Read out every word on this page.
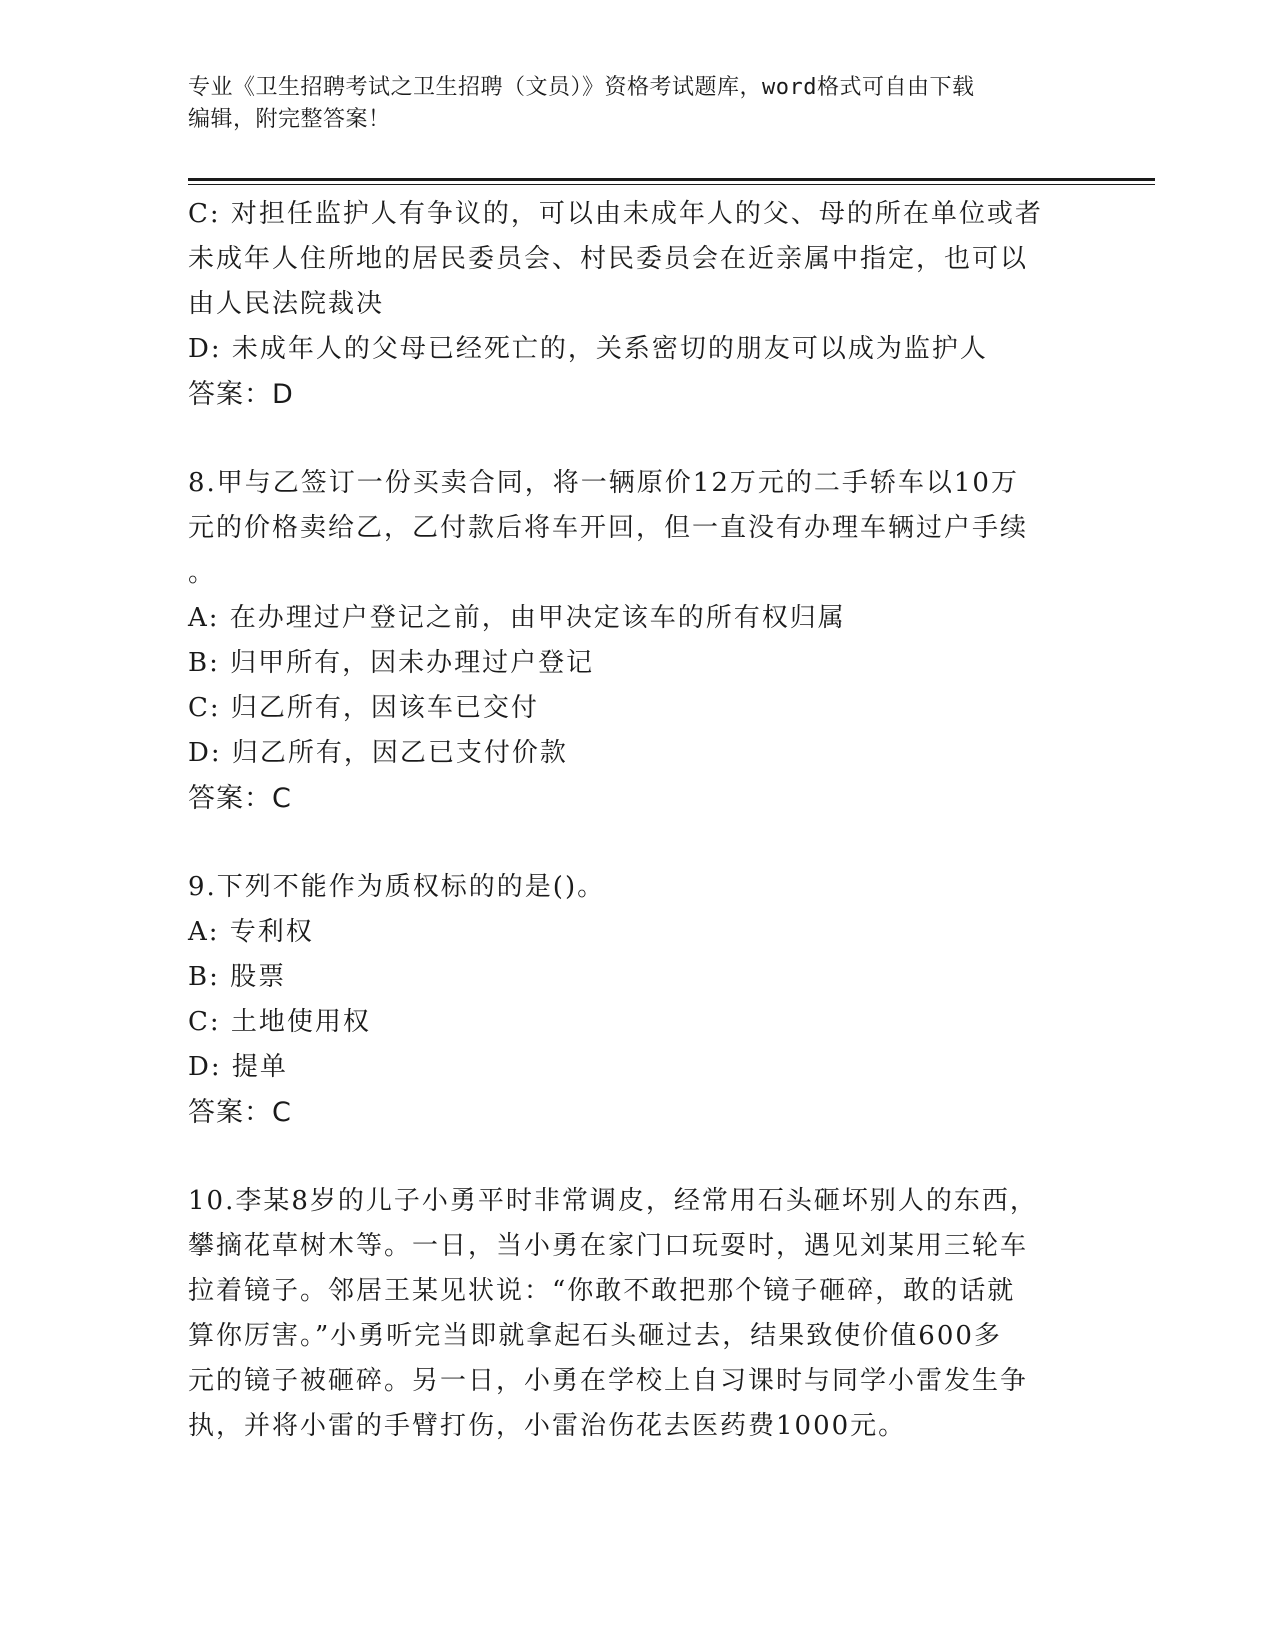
专业《卫生招聘考试之卫生招聘（文员）》资格考试题库，word格式可自由下载
编辑，附完整答案！
C: 对担任监护人有争议的，可以由未成年人的父、母的所在单位或者
未成年人住所地的居民委员会、村民委员会在近亲属中指定，也可以
由人民法院裁决
D: 未成年人的父母已经死亡的，关系密切的朋友可以成为监护人
答案：D
8.甲与乙签订一份买卖合同，将一辆原价12万元的二手轿车以10万
元的价格卖给乙，乙付款后将车开回，但一直没有办理车辆过户手续
。
A: 在办理过户登记之前，由甲决定该车的所有权归属
B: 归甲所有，因未办理过户登记
C: 归乙所有，因该车已交付
D: 归乙所有，因乙已支付价款
答案：C
9.下列不能作为质权标的的是()。
A: 专利权
B: 股票
C: 土地使用权
D: 提单
答案：C
10.李某8岁的儿子小勇平时非常调皮，经常用石头砸坏别人的东西，
攀摘花草树木等。一日，当小勇在家门口玩耍时，遇见刘某用三轮车
拉着镜子。邻居王某见状说：“你敢不敢把那个镜子砸碎，敢的话就
算你厉害。”小勇听完当即就拿起石头砸过去，结果致使价值600多
元的镜子被砸碎。另一日，小勇在学校上自习课时与同学小雷发生争
执，并将小雷的手臂打伤，小雷治伤花去医药费1000元。
